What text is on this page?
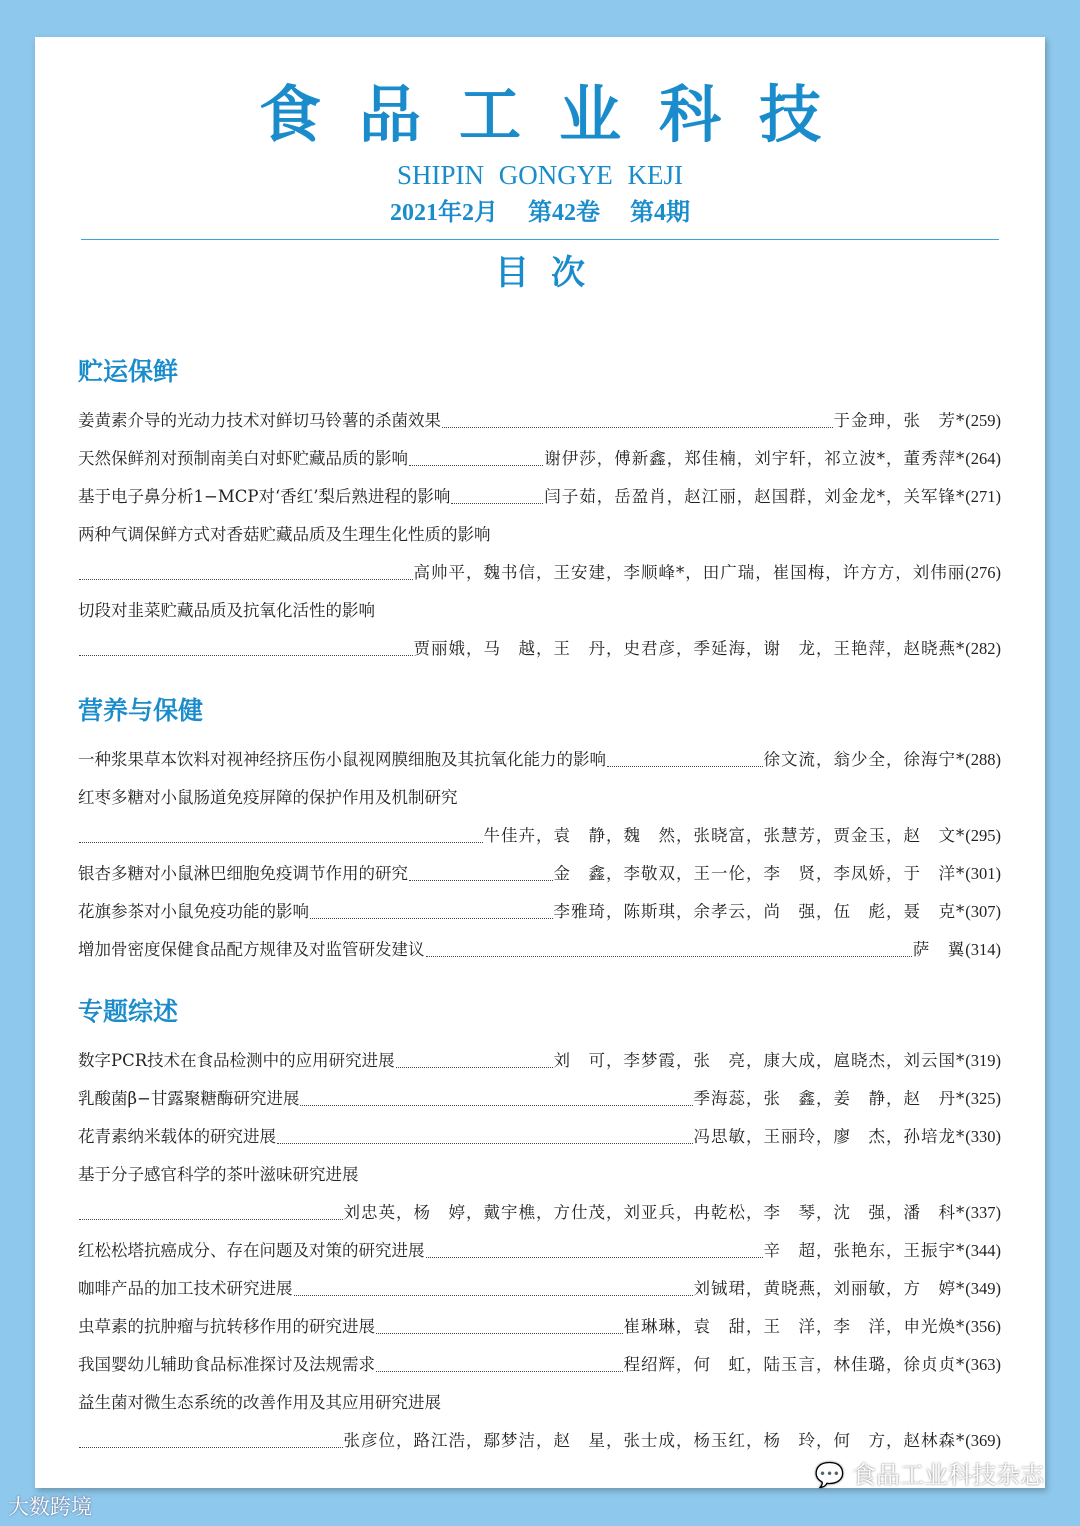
食品工业科技
SHIPIN GONGYE KEJI
2021年2月 第42卷 第4期
目次
贮运保鲜
姜黄素介导的光动力技术对鲜切马铃薯的杀菌效果	于金珅，张　芳* (259)
天然保鲜剂对预制南美白对虾贮藏品质的影响	谢伊莎，傅新鑫，郑佳楠，刘宇轩，祁立波*，董秀萍* (264)
基于电子鼻分析1−MCP对‘香红’梨后熟进程的影响	闫子茹，岳盈肖，赵江丽，赵国群，刘金龙*，关军锋* (271)
两种气调保鲜方式对香菇贮藏品质及生理生化性质的影响
高帅平，魏书信，王安建，李顺峰*，田广瑞，崔国梅，许方方，刘伟丽 (276)
切段对韭菜贮藏品质及抗氧化活性的影响
贾丽娥，马　越，王　丹，史君彦，季延海，谢　龙，王艳萍，赵晓燕* (282)
营养与保健
一种浆果草本饮料对视神经挤压伤小鼠视网膜细胞及其抗氧化能力的影响	徐文流，翁少全，徐海宁* (288)
红枣多糖对小鼠肠道免疫屏障的保护作用及机制研究
牛佳卉，袁　静，魏　然，张晓富，张慧芳，贾金玉，赵　文* (295)
银杏多糖对小鼠淋巴细胞免疫调节作用的研究	金　鑫，李敬双，王一伦，李　贤，李凤娇，于　洋* (301)
花旗参茶对小鼠免疫功能的影响	李雅琦，陈斯琪，余孝云，尚　强，伍　彪，聂　克* (307)
增加骨密度保健食品配方规律及对监管研发建议	萨　翼 (314)
专题综述
数字PCR技术在食品检测中的应用研究进展	刘　可，李梦霞，张　亮，康大成，扈晓杰，刘云国* (319)
乳酸菌β−甘露聚糖酶研究进展	季海蕊，张　鑫，姜　静，赵　丹* (325)
花青素纳米载体的研究进展	冯思敏，王丽玲，廖　杰，孙培龙* (330)
基于分子感官科学的茶叶滋味研究进展
刘忠英，杨　婷，戴宇樵，方仕茂，刘亚兵，冉乾松，李　琴，沈　强，潘　科* (337)
红松松塔抗癌成分、存在问题及对策的研究进展	辛　超，张艳东，王振宇* (344)
咖啡产品的加工技术研究进展	刘铖珺，黄晓燕，刘丽敏，方　婷* (349)
虫草素的抗肿瘤与抗转移作用的研究进展	崔琳琳，袁　甜，王　洋，李　洋，申光焕* (356)
我国婴幼儿辅助食品标准探讨及法规需求	程绍辉，何　虹，陆玉言，林佳璐，徐贞贞* (363)
益生菌对微生态系统的改善作用及其应用研究进展
张彦位，路江浩，鄢梦洁，赵　星，张士成，杨玉红，杨　玲，何　方，赵林森* (369)
💬 食品工业科技杂志
大数跨境
